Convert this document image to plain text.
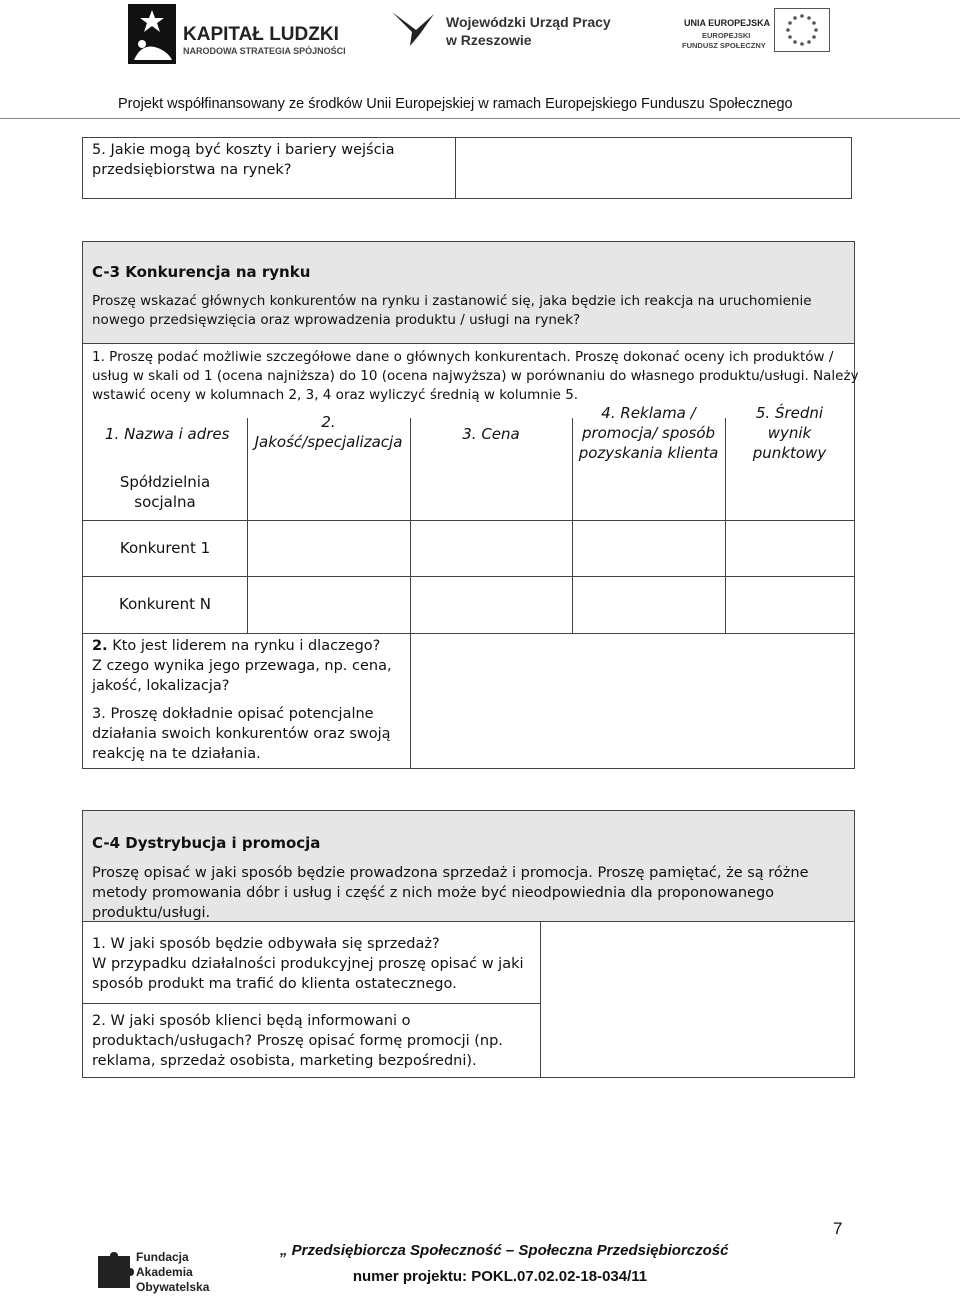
KAPITAŁ LUDZKI
NARODOWA STRATEGIA SPÓJNOŚCI
Wojewódzki Urząd Pracy
w Rzeszowie
UNIA EUROPEJSKA
EUROPEJSKI
FUNDUSZ SPOŁECZNY
Projekt współfinansowany ze środków Unii Europejskiej w ramach Europejskiego Funduszu Społecznego
5. Jakie mogą być koszty i bariery wejścia
przedsiębiorstwa na rynek?
C-3 Konkurencja na rynku
Proszę wskazać głównych konkurentów na rynku i zastanowić się, jaka będzie ich reakcja na uruchomienie
nowego przedsięwzięcia oraz wprowadzenia produktu / usługi na rynek?
1. Proszę podać możliwie szczegółowe dane o głównych konkurentach. Proszę dokonać oceny ich produktów /
usług w skali od 1 (ocena najniższa) do 10 (ocena najwyższa) w porównaniu do własnego produktu/usługi. Należy
wstawić oceny w kolumnach 2, 3, 4 oraz wyliczyć średnią w kolumnie 5.
1. Nazwa i adres
2.
Jakość/specjalizacja	3. Cena
4. Reklama /
promocja/ sposób
pozyskania klienta
5. Średni
wynik
punktowy
Spółdzielnia
socjalna
Konkurent 1
Konkurent N
2. Kto jest liderem na rynku i dlaczego?
Z czego wynika jego przewaga, np. cena,
jakość, lokalizacja?
3. Proszę dokładnie opisać potencjalne
działania swoich konkurentów oraz swoją
reakcję na te działania.
C-4 Dystrybucja i promocja
Proszę opisać w jaki sposób będzie prowadzona sprzedaż i promocja. Proszę pamiętać, że są różne
metody promowania dóbr i usług i część z nich może być nieodpowiednia dla proponowanego
produktu/usługi.
1. W jaki sposób będzie odbywała się sprzedaż?
W przypadku działalności produkcyjnej proszę opisać w jaki
sposób produkt ma trafić do klienta ostatecznego.
2. W jaki sposób klienci będą informowani o
produktach/usługach? Proszę opisać formę promocji (np.
reklama, sprzedaż osobista, marketing bezpośredni).
7
Fundacja
Akademia
Obywatelska
„ Przedsiębiorcza Społeczność – Społeczna Przedsiębiorczość
numer projektu: POKL.07.02.02-18-034/11
